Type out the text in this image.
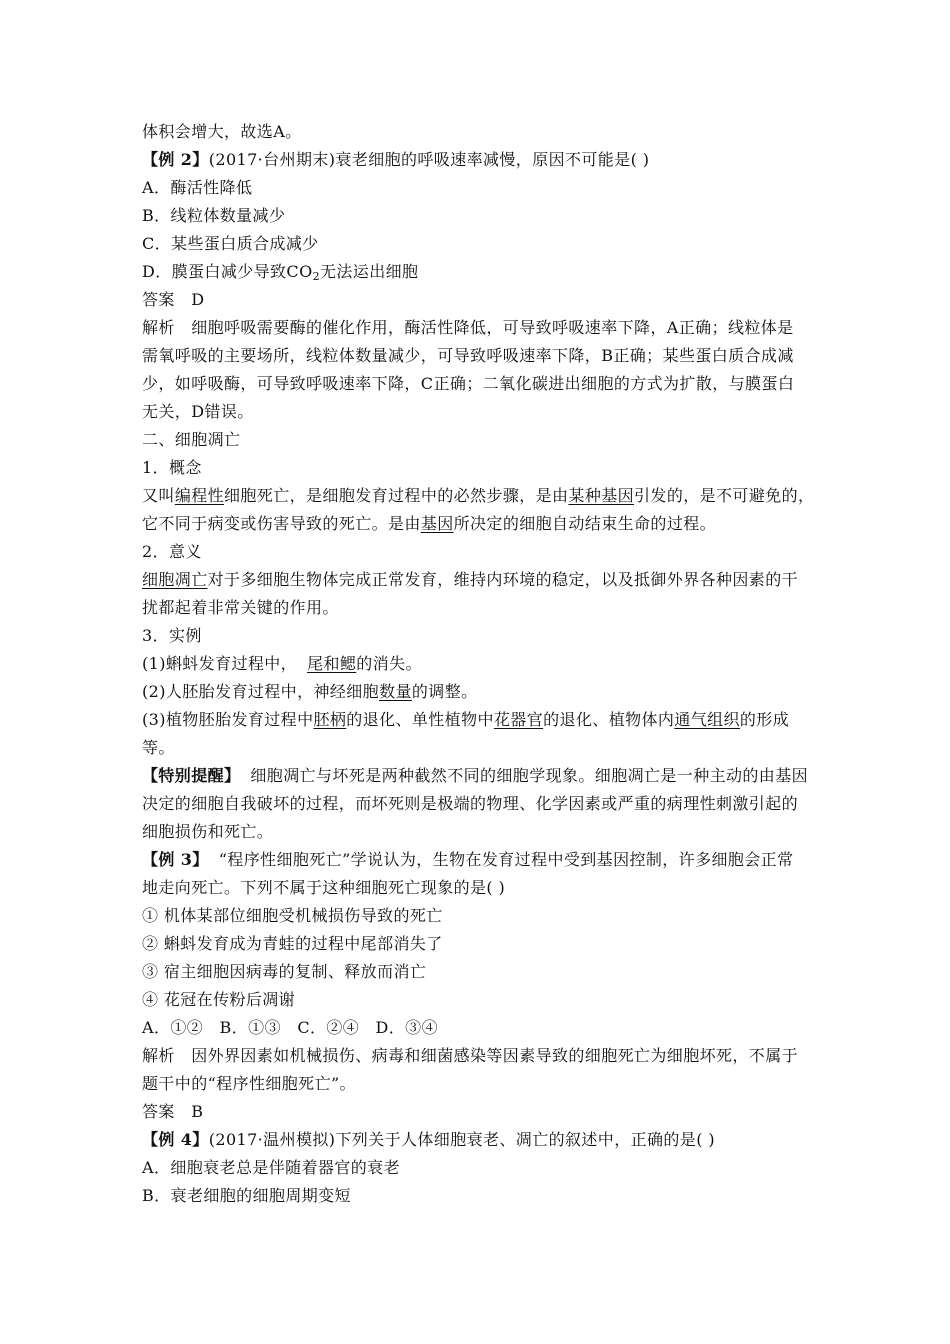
体积会增大，故选A。
【例 2】(2017·台州期末)衰老细胞的呼吸速率减慢，原因不可能是( )
A．酶活性降低
B．线粒体数量减少
C．某些蛋白质合成减少
D．膜蛋白减少导致$CO_2$无法运出细胞
答案　D
解析　细胞呼吸需要酶的催化作用，酶活性降低，可导致呼吸速率下降，A正确；线粒体是
需氧呼吸的主要场所，线粒体数量减少，可导致呼吸速率下降，B正确；某些蛋白质合成减
少，如呼吸酶，可导致呼吸速率下降，C正确；二氧化碳进出细胞的方式为扩散，与膜蛋白
无关，D错误。
二、细胞凋亡
1．概念
又叫编程性细胞死亡，是细胞发育过程中的必然步骤，是由某种基因引发的，是不可避免的，
它不同于病变或伤害导致的死亡。是由基因所决定的细胞自动结束生命的过程。
2．意义
细胞凋亡对于多细胞生物体完成正常发育，维持内环境的稳定，以及抵御外界各种因素的干
扰都起着非常关键的作用。
3．实例
(1)蝌蚪发育过程中， 尾和鳃的消失。
(2)人胚胎发育过程中，神经细胞数量的调整。
(3)植物胚胎发育过程中胚柄的退化、单性植物中花器官的退化、植物体内通气组织的形成
等。
【特别提醒】 细胞凋亡与坏死是两种截然不同的细胞学现象。细胞凋亡是一种主动的由基因
决定的细胞自我破坏的过程，而坏死则是极端的物理、化学因素或严重的病理性刺激引起的
细胞损伤和死亡。
【例 3】 “程序性细胞死亡”学说认为，生物在发育过程中受到基因控制，许多细胞会正常
地走向死亡。下列不属于这种细胞死亡现象的是( )
① 机体某部位细胞受机械损伤导致的死亡
② 蝌蚪发育成为青蛙的过程中尾部消失了
③ 宿主细胞因病毒的复制、释放而消亡
④ 花冠在传粉后凋谢
A．①②　B．①③　C．②④　D．③④
解析　因外界因素如机械损伤、病毒和细菌感染等因素导致的细胞死亡为细胞坏死，不属于
题干中的“程序性细胞死亡”。
答案　B
【例 4】(2017·温州模拟)下列关于人体细胞衰老、凋亡的叙述中，正确的是( )
A．细胞衰老总是伴随着器官的衰老
B．衰老细胞的细胞周期变短
